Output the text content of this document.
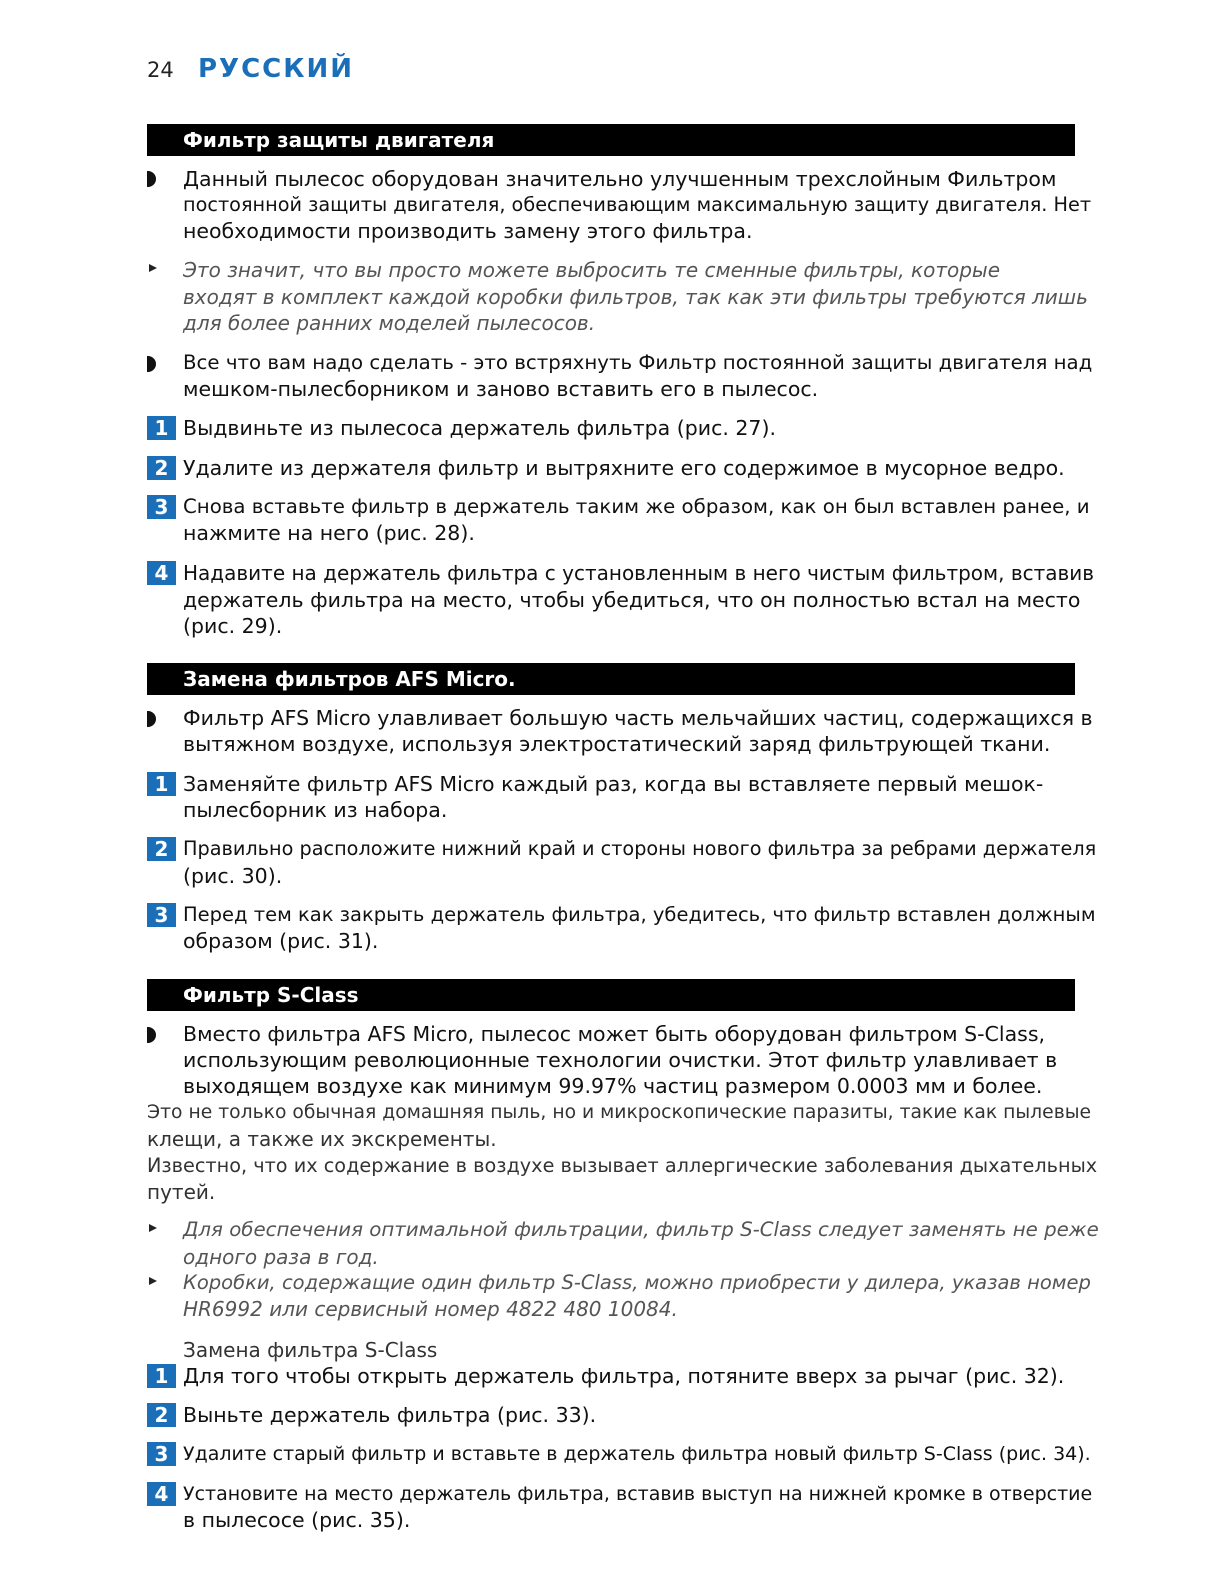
24 РУССКИЙ
Фильтр защиты двигателя
Данный пылесос оборудован значительно улучшенным трехслойным Фильтром
постоянной защиты двигателя, обеспечивающим максимальную защиту двигателя. Нет
необходимости производить замену этого фильтра.
Это значит, что вы просто можете выбросить те сменные фильтры, которые
входят в комплект каждой коробки фильтров, так как эти фильтры требуются лишь
для более ранних моделей пылесосов.
Все что вам надо сделать - это встряхнуть Фильтр постоянной защиты двигателя над
мешком-пылесборником и заново вставить его в пылесос.
1 Выдвиньте из пылесоса держатель фильтра (рис. 27).
2 Удалите из держателя фильтр и вытряхните его содержимое в мусорное ведро.
3 Снова вставьте фильтр в держатель таким же образом, как он был вставлен ранее, и
нажмите на него (рис. 28).
4 Надавите на держатель фильтра с установленным в него чистым фильтром, вставив
держатель фильтра на место, чтобы убедиться, что он полностью встал на место
(рис. 29).
Замена фильтров AFS Micro.
Фильтр AFS Micro улавливает большую часть мельчайших частиц, содержащихся в
вытяжном воздухе, используя электростатический заряд фильтрующей ткани.
1 Заменяйте фильтр AFS Micro каждый раз, когда вы вставляете первый мешок-
пылесборник из набора.
2 Правильно расположите нижний край и стороны нового фильтра за ребрами держателя
(рис. 30).
3 Перед тем как закрыть держатель фильтра, убедитесь, что фильтр вставлен должным
образом (рис. 31).
Фильтр S-Class
Вместо фильтра AFS Micro, пылесос может быть оборудован фильтром S-Class,
использующим революционные технологии очистки. Этот фильтр улавливает в
выходящем воздухе как минимум 99.97% частиц размером 0.0003 мм и более.
Это не только обычная домашняя пыль, но и микроскопические паразиты, такие как пылевые
клещи, а также их экскременты.
Известно, что их содержание в воздухе вызывает аллергические заболевания дыхательных
путей.
Для обеспечения оптимальной фильтрации, фильтр S-Class следует заменять не реже
одного раза в год.
Коробки, содержащие один фильтр S-Class, можно приобрести у дилера, указав номер
HR6992 или сервисный номер 4822 480 10084.
Замена фильтра S-Class
1 Для того чтобы открыть держатель фильтра, потяните вверх за рычаг (рис. 32).
2 Выньте держатель фильтра (рис. 33).
3 Удалите старый фильтр и вставьте в держатель фильтра новый фильтр S-Class (рис. 34).
4 Установите на место держатель фильтра, вставив выступ на нижней кромке в отверстие
в пылесосе (рис. 35).
